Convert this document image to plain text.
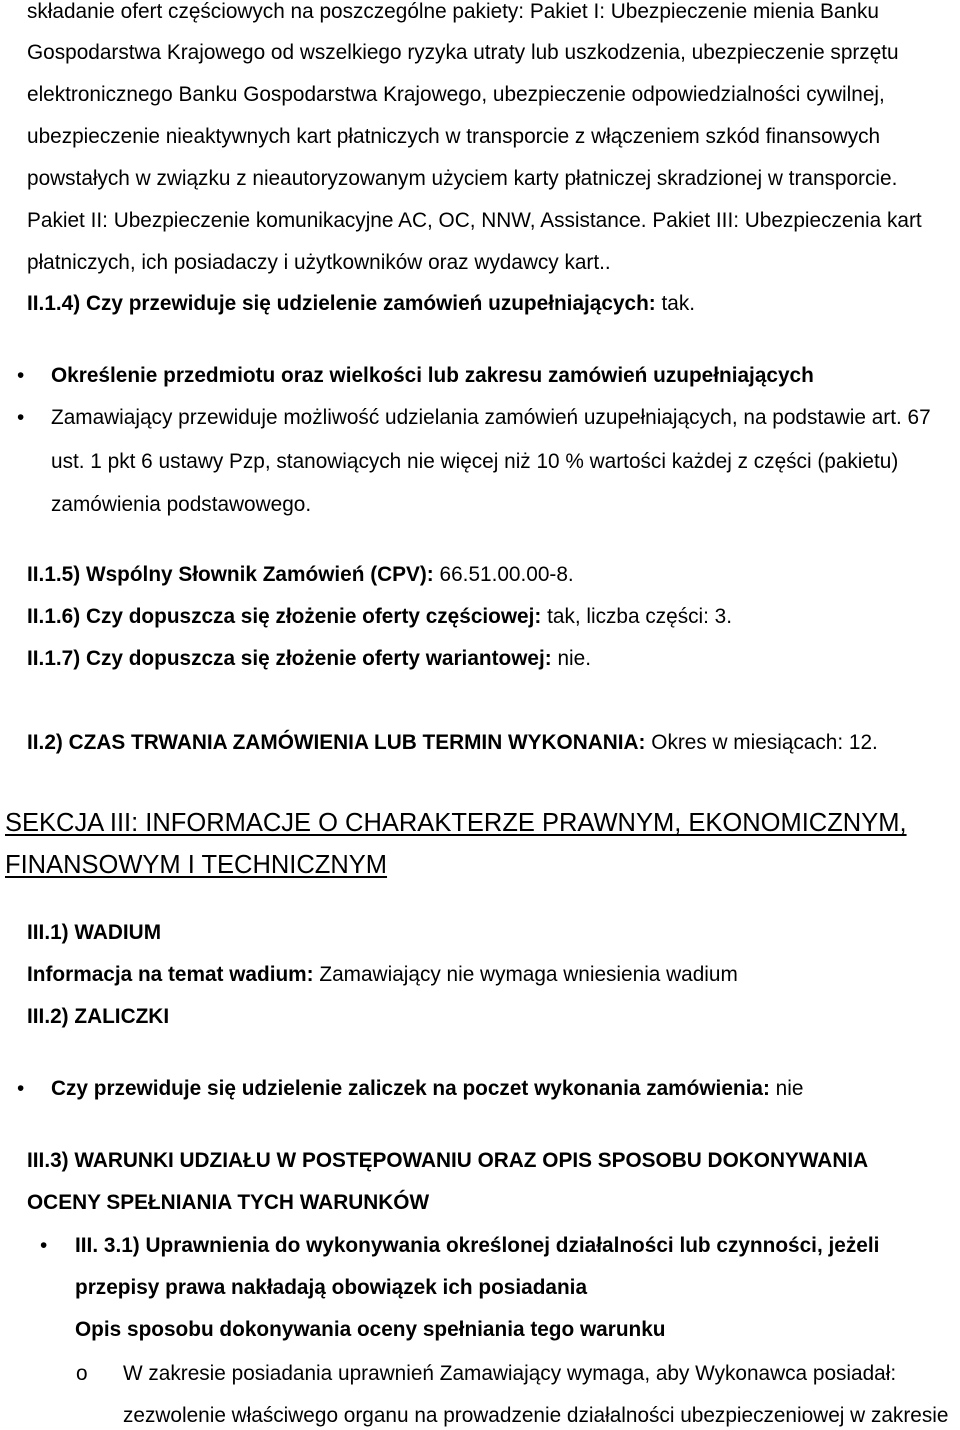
składanie ofert częściowych na poszczególne pakiety: Pakiet I: Ubezpieczenie mienia Banku
Gospodarstwa Krajowego od wszelkiego ryzyka utraty lub uszkodzenia, ubezpieczenie sprzętu
elektronicznego Banku Gospodarstwa Krajowego, ubezpieczenie odpowiedzialności cywilnej,
ubezpieczenie nieaktywnych kart płatniczych w transporcie z włączeniem szkód finansowych
powstałych w związku z nieautoryzowanym użyciem karty płatniczej skradzionej w transporcie.
Pakiet II: Ubezpieczenie komunikacyjne AC, OC, NNW, Assistance. Pakiet III: Ubezpieczenia kart
płatniczych, ich posiadaczy i użytkowników oraz wydawcy kart..
II.1.4) Czy przewiduje się udzielenie zamówień uzupełniających: tak.
• Określenie przedmiotu oraz wielkości lub zakresu zamówień uzupełniających
• Zamawiający przewiduje możliwość udzielania zamówień uzupełniających, na podstawie art. 67
ust. 1 pkt 6 ustawy Pzp, stanowiących nie więcej niż 10 % wartości każdej z części (pakietu)
zamówienia podstawowego.
II.1.5) Wspólny Słownik Zamówień (CPV): 66.51.00.00-8.
II.1.6) Czy dopuszcza się złożenie oferty częściowej: tak, liczba części: 3.
II.1.7) Czy dopuszcza się złożenie oferty wariantowej: nie.
II.2) CZAS TRWANIA ZAMÓWIENIA LUB TERMIN WYKONANIA: Okres w miesiącach: 12.
SEKCJA III: INFORMACJE O CHARAKTERZE PRAWNYM, EKONOMICZNYM,
FINANSOWYM I TECHNICZNYM
III.1) WADIUM
Informacja na temat wadium: Zamawiający nie wymaga wniesienia wadium
III.2) ZALICZKI
• Czy przewiduje się udzielenie zaliczek na poczet wykonania zamówienia: nie
III.3) WARUNKI UDZIAŁU W POSTĘPOWANIU ORAZ OPIS SPOSOBU DOKONYWANIA
OCENY SPEŁNIANIA TYCH WARUNKÓW
• III. 3.1) Uprawnienia do wykonywania określonej działalności lub czynności, jeżeli
przepisy prawa nakładają obowiązek ich posiadania
Opis sposobu dokonywania oceny spełniania tego warunku
o W zakresie posiadania uprawnień Zamawiający wymaga, aby Wykonawca posiadał:
zezwolenie właściwego organu na prowadzenie działalności ubezpieczeniowej w zakresie
